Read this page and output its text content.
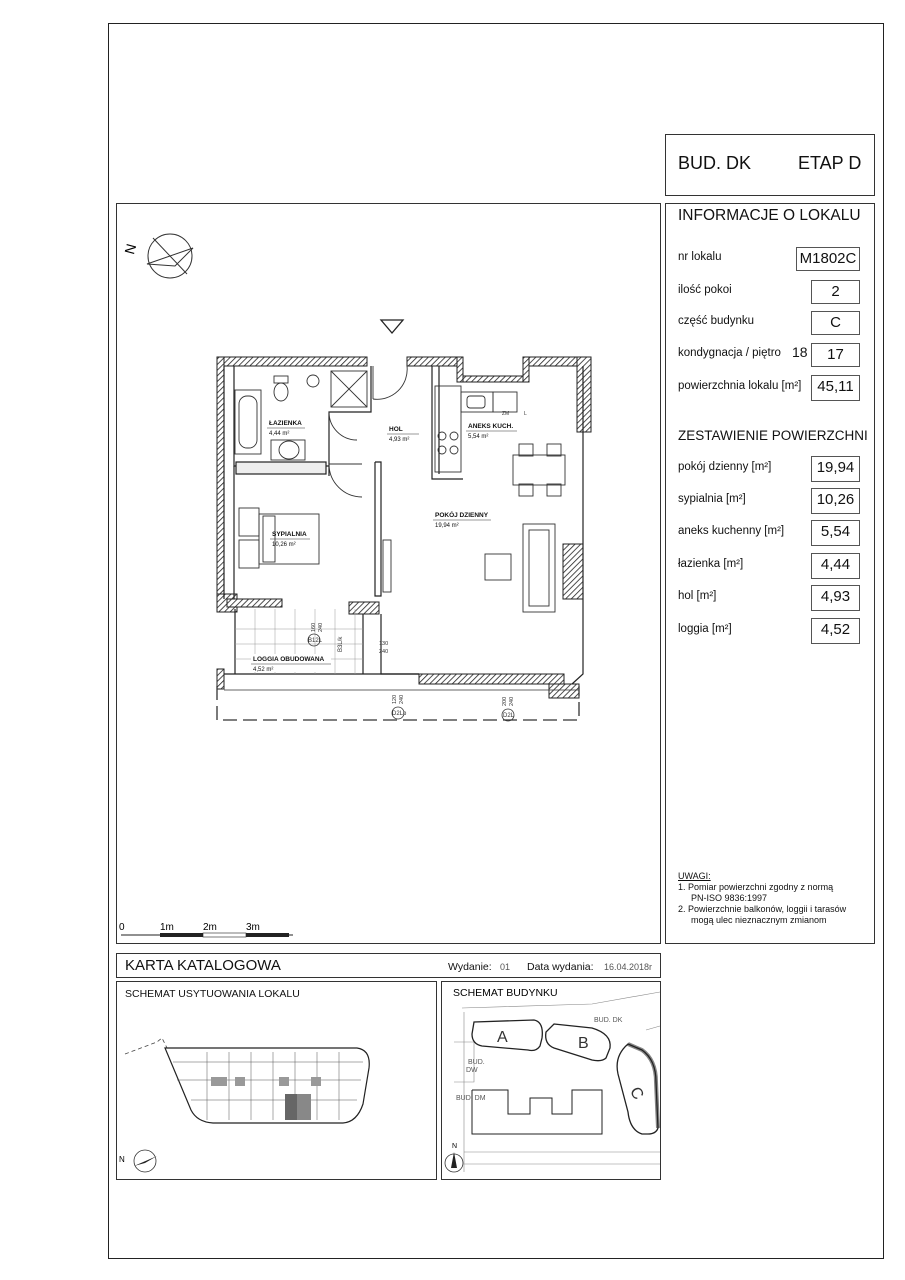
BUD. DK	ETAP D
INFORMACJE O LOKALU
nr lokalu	M1802C
ilość pokoi	2
część budynku	C
kondygnacja / piętro 18	17
powierzchnia lokalu [m²]	45,11
ZESTAWIENIE POWIERZCHNI
pokój dzienny [m²]	19,94
sypialnia [m²]	10,26
aneks kuchenny [m²]	5,54
łazienka [m²]	4,44
hol [m²]	4,93
loggia [m²]	4,52
UWAGI:
1. Pomiar powierzchni zgodny z normą
PN-ISO 9836:1997
2. Powierzchnie balkonów, loggii i tarasów
mogą ulec nieznacznym zmianom
N
ZM	L
D2Lo	D2L
B12L	B3L/k
160 240
130
240
120 240	200 240
ŁAZIENKA
4,44 m²
HOL
4,93 m²
ANEKS KUCH.
5,54 m²
SYPIALNIA
10,26 m²
POKÓJ DZIENNY
19,94 m²
LOGGIA OBUDOWANA
4,52 m²
0	1m	2m	3m
KARTA KATALOGOWA	Wydanie: 01 Data wydania: 16.04.2018r
SCHEMAT USYTUOWANIA LOKALU
N
SCHEMAT BUDYNKU
A	B
C
BUD. DK
BUD.
DW
BUD. DM
N
